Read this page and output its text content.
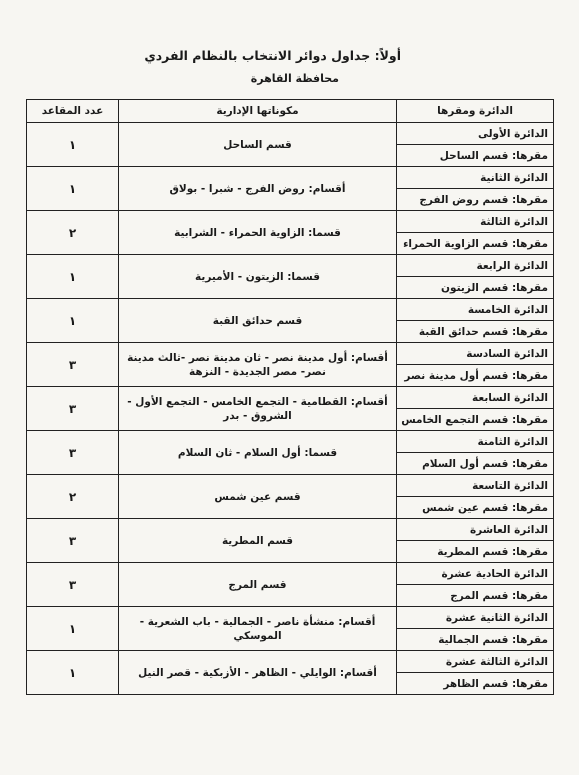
أولاً: جداول دوائر الانتخاب بالنظام الفردي
محافظة القاهرة
الدائرة ومقرها	مكوناتها الإدارية	عدد المقاعد
الدائرة الأولى	قسم الساحل	١
مقرها: قسم الساحل		
الدائرة الثانية	أقسام: روض الفرج - شبرا - بولاق	١
مقرها: قسم روض الفرج		
الدائرة الثالثة	قسما: الزاوية الحمراء - الشرابية	٢
مقرها: قسم الزاوية الحمراء		
الدائرة الرابعة	قسما: الزيتون - الأميرية	١
مقرها: قسم الزيتون		
الدائرة الخامسة	قسم حدائق القبة	١
مقرها: قسم حدائق القبة		
الدائرة السادسة	أقسام: أول مدينة نصر - ثان مدينة نصر -ثالث مدينة نصر- مصر الجديدة - النزهة	٣
مقرها: قسم أول مدينة نصر		
الدائرة السابعة	أقسام: القطامية - التجمع الخامس - التجمع الأول - الشروق - بدر	٣
مقرها: قسم التجمع الخامس		
الدائرة الثامنة	قسما: أول السلام - ثان السلام	٣
مقرها: قسم أول السلام		
الدائرة التاسعة	قسم عين شمس	٢
مقرها: قسم عين شمس		
الدائرة العاشرة	قسم المطرية	٣
مقرها: قسم المطرية		
الدائرة الحادية عشرة	قسم المرج	٣
مقرها: قسم المرج		
الدائرة الثانية عشرة	أقسام: منشأة ناصر - الجمالية - باب الشعرية - الموسكي	١
مقرها: قسم الجمالية		
الدائرة الثالثة عشرة	أقسام: الوايلي - الظاهر - الأزبكية - قصر النيل	١
مقرها: قسم الظاهر		
